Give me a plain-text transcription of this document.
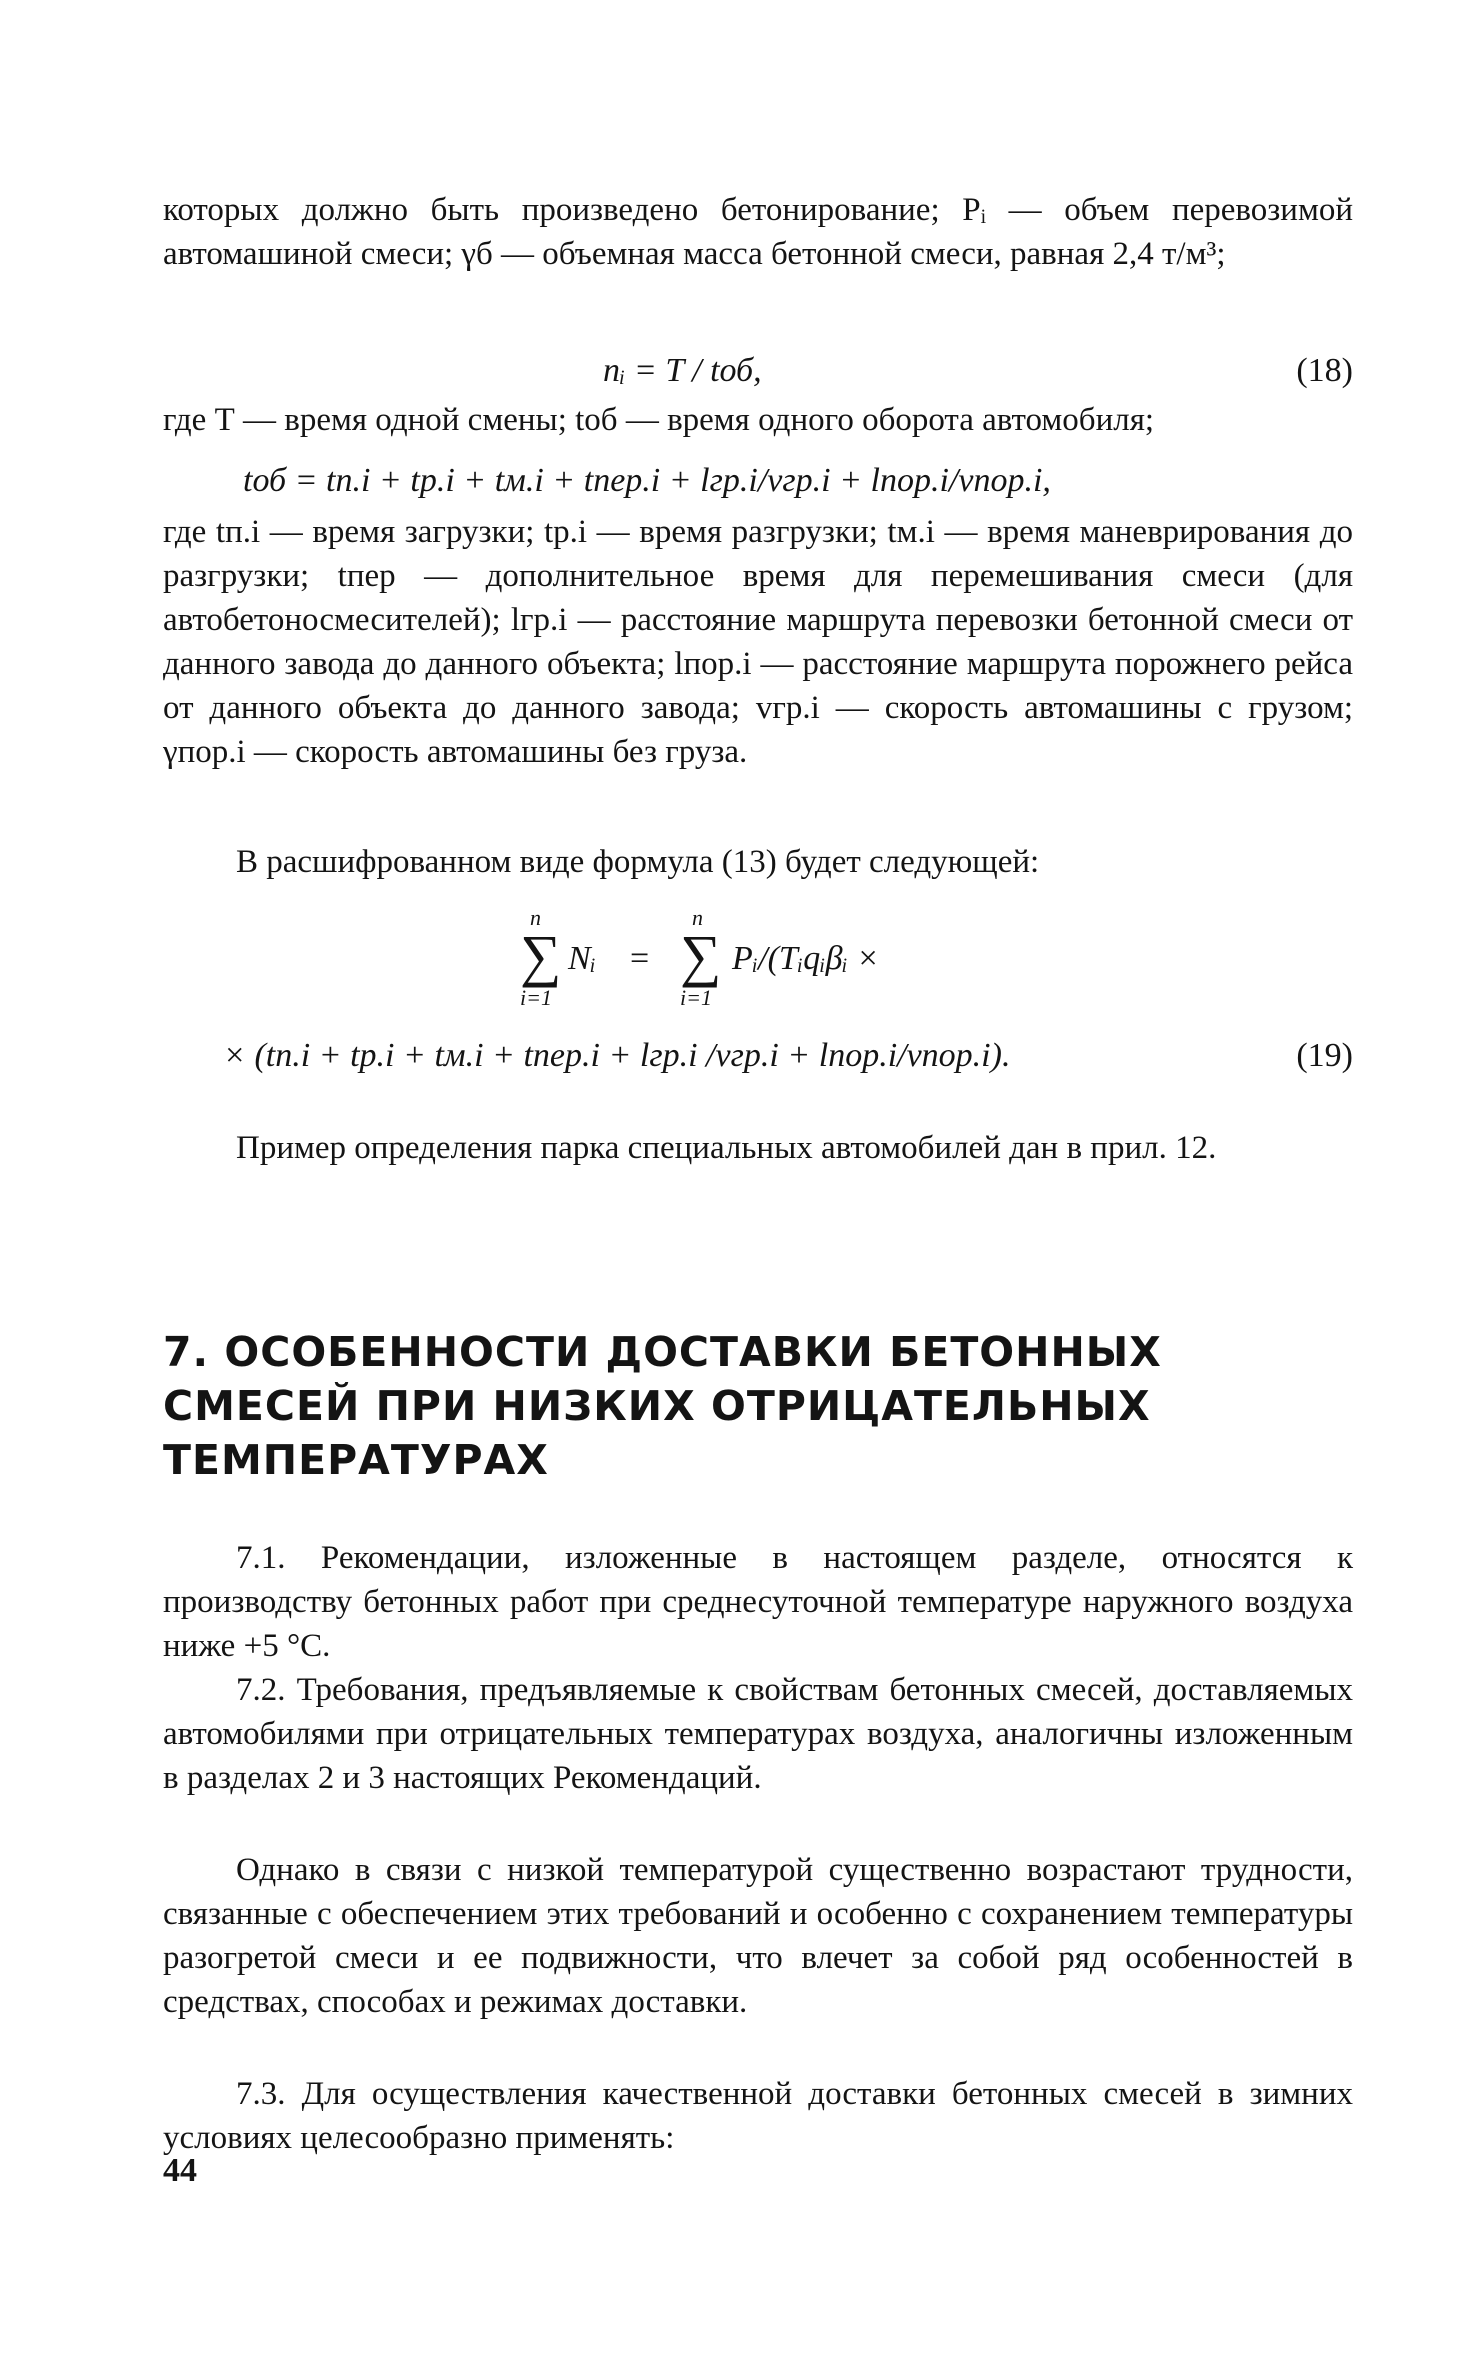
которых должно быть произведено бетонирование; Pᵢ — объем перевозимой автомашиной смеси; γб — объемная масса бетонной смеси, равная 2,4 т/м³;

nᵢ = T / tоб,	(18)

где Т — время одной смены; tоб — время одного оборота автомобиля;

tоб = tп.i + tр.i + tм.i + tпер.i + lгр.i/vгр.i + lпор.i/vпор.i,

где tп.i — время загрузки; tр.i — время разгрузки; tм.i — время маневрирования до разгрузки; tпер — дополнительное время для перемешивания смеси (для автобетоносмесителей); lгр.i — расстояние маршрута перевозки бетонной смеси от данного завода до данного объекта; lпор.i — расстояние маршрута порожнего рейса от данного объекта до данного завода; vгр.i — скорость автомашины с грузом; γпор.i — скорость автомашины без груза.

В расшифрованном виде формула (13) будет следующей:

n
∑
i=1
Nᵢ =
n
∑
i=1
Pᵢ/(Tᵢqᵢβᵢ ×
× (tп.i + tр.i + tм.i + tпер.i + lгр.i /vгр.i + lпор.i/vпор.i).	(19)

Пример определения парка специальных автомобилей дан в прил. 12.

7. ОСОБЕННОСТИ ДОСТАВКИ БЕТОННЫХ СМЕСЕЙ ПРИ НИЗКИХ ОТРИЦАТЕЛЬНЫХ ТЕМПЕРАТУРАХ

7.1. Рекомендации, изложенные в настоящем разделе, относятся к производству бетонных работ при среднесуточной температуре наружного воздуха ниже +5 °С.

7.2. Требования, предъявляемые к свойствам бетонных смесей, доставляемых автомобилями при отрицательных температурах воздуха, аналогичны изложенным в разделах 2 и 3 настоящих Рекомендаций.

Однако в связи с низкой температурой существенно возрастают трудности, связанные с обеспечением этих требований и особенно с сохранением температуры разогретой смеси и ее подвижности, что влечет за собой ряд особенностей в средствах, способах и режимах доставки.

7.3. Для осуществления качественной доставки бетонных смесей в зимних условиях целесообразно применять:

44
